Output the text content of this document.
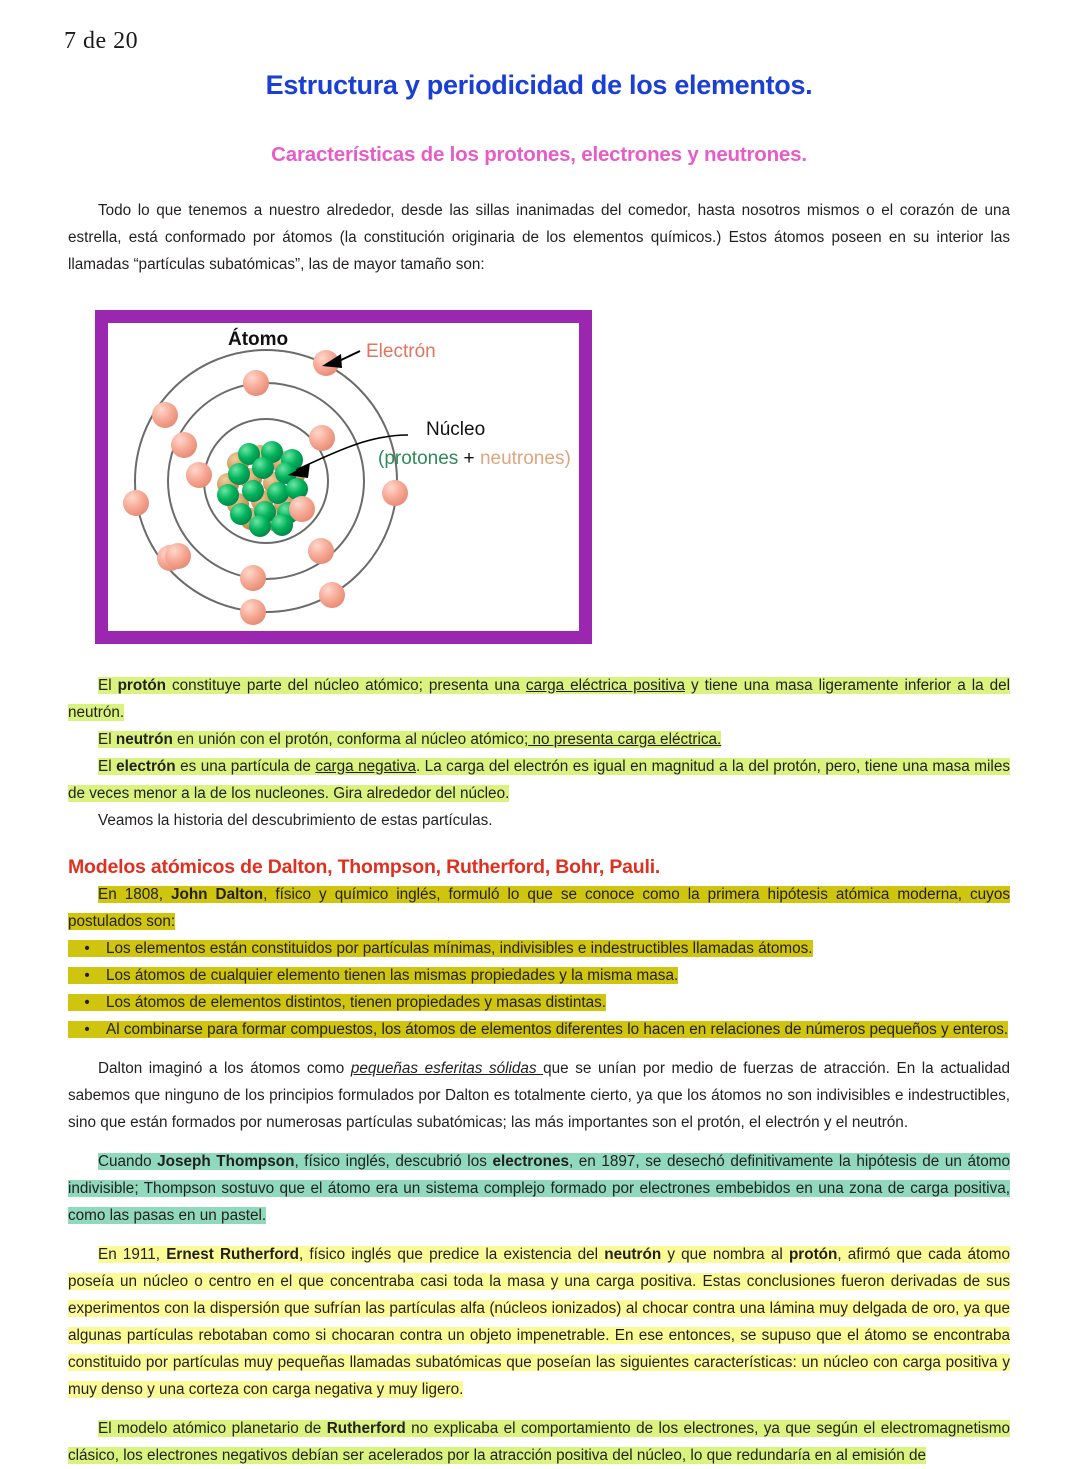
7 de 20
Estructura y periodicidad de los elementos.
Características de los protones, electrones y neutrones.

Todo lo que tenemos a nuestro alrededor, desde las sillas inanimadas del comedor, hasta nosotros mismos o el corazón de una estrella, está conformado por átomos (la constitución originaria de los elementos químicos.) Estos átomos poseen en su interior las llamadas “partículas subatómicas”, las de mayor tamaño son:

Átomo
Electrón
Núcleo
(protones + neutrones)

El protón constituye parte del núcleo atómico; presenta una carga eléctrica positiva y tiene una masa ligeramente inferior a la del neutrón.

El neutrón en unión con el protón, conforma al núcleo atómico; no presenta carga eléctrica.

El electrón es una partícula de carga negativa. La carga del electrón es igual en magnitud a la del protón, pero, tiene una masa miles de veces menor a la de los nucleones. Gira alrededor del núcleo.

Veamos la historia del descubrimiento de estas partículas.

Modelos atómicos de Dalton, Thompson, Rutherford, Bohr, Pauli.

En 1808, John Dalton, físico y químico inglés, formuló lo que se conoce como la primera hipótesis atómica moderna, cuyos postulados son:

• Los elementos están constituidos por partículas mínimas, indivisibles e indestructibles llamadas átomos.
• Los átomos de cualquier elemento tienen las mismas propiedades y la misma masa.
• Los átomos de elementos distintos, tienen propiedades y masas distintas.
• Al combinarse para formar compuestos, los átomos de elementos diferentes lo hacen en relaciones de números pequeños y enteros.

Dalton imaginó a los átomos como pequeñas esferitas sólidas que se unían por medio de fuerzas de atracción. En la actualidad sabemos que ninguno de los principios formulados por Dalton es totalmente cierto, ya que los átomos no son indivisibles e indestructibles, sino que están formados por numerosas partículas subatómicas; las más importantes son el protón, el electrón y el neutrón.

Cuando Joseph Thompson, físico inglés, descubrió los electrones, en 1897, se desechó definitivamente la hipótesis de un átomo indivisible; Thompson sostuvo que el átomo era un sistema complejo formado por electrones embebidos en una zona de carga positiva, como las pasas en un pastel.

En 1911, Ernest Rutherford, físico inglés que predice la existencia del neutrón y que nombra al protón, afirmó que cada átomo poseía un núcleo o centro en el que concentraba casi toda la masa y una carga positiva. Estas conclusiones fueron derivadas de sus experimentos con la dispersión que sufrían las partículas alfa (núcleos ionizados) al chocar contra una lámina muy delgada de oro, ya que algunas partículas rebotaban como si chocaran contra un objeto impenetrable. En ese entonces, se supuso que el átomo se encontraba constituido por partículas muy pequeñas llamadas subatómicas que poseían las siguientes características: un núcleo con carga positiva y muy denso y una corteza con carga negativa y muy ligero.

El modelo atómico planetario de Rutherford no explicaba el comportamiento de los electrones, ya que según el electromagnetismo clásico, los electrones negativos debían ser acelerados por la atracción positiva del núcleo, lo que redundaría en al emisión de
